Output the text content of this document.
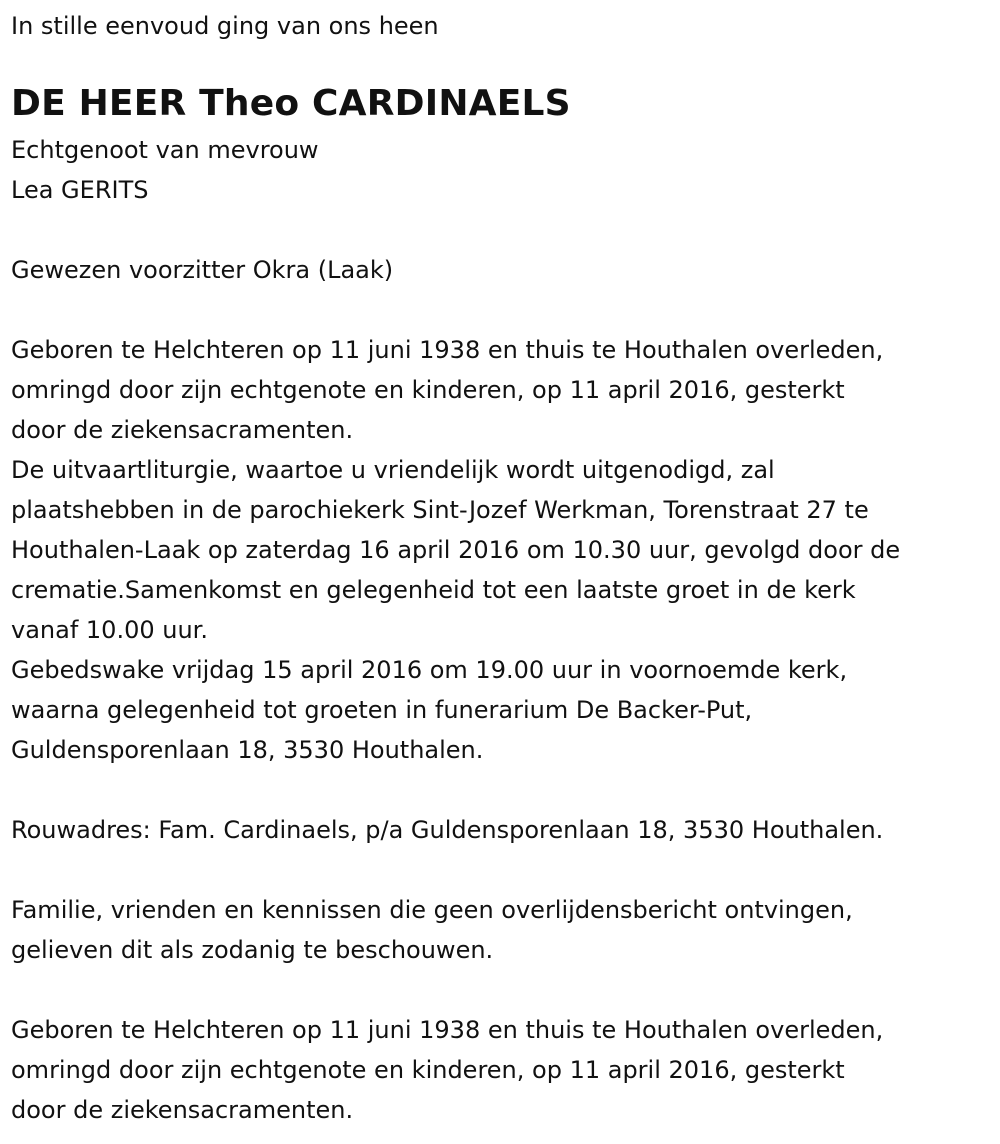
In stille eenvoud ging van ons heen

DE HEER Theo CARDINAELS

Echtgenoot van mevrouw

Lea GERITS

Gewezen voorzitter Okra (Laak)

Geboren te Helchteren op 11 juni 1938 en thuis te Houthalen overleden,

omringd door zijn echtgenote en kinderen, op 11 april 2016, gesterkt

door de ziekensacramenten.

De uitvaartliturgie, waartoe u vriendelijk wordt uitgenodigd, zal

plaatshebben in de parochiekerk Sint-Jozef Werkman, Torenstraat 27 te

Houthalen-Laak op zaterdag 16 april 2016 om 10.30 uur, gevolgd door de

crematie.Samenkomst en gelegenheid tot een laatste groet in de kerk

vanaf 10.00 uur.

Gebedswake vrijdag 15 april 2016 om 19.00 uur in voornoemde kerk,

waarna gelegenheid tot groeten in funerarium De Backer-Put,

Guldensporenlaan 18, 3530 Houthalen.

Rouwadres: Fam. Cardinaels, p/a Guldensporenlaan 18, 3530 Houthalen.

Familie, vrienden en kennissen die geen overlijdensbericht ontvingen,

gelieven dit als zodanig te beschouwen.

Geboren te Helchteren op 11 juni 1938 en thuis te Houthalen overleden,

omringd door zijn echtgenote en kinderen, op 11 april 2016, gesterkt

door de ziekensacramenten.
